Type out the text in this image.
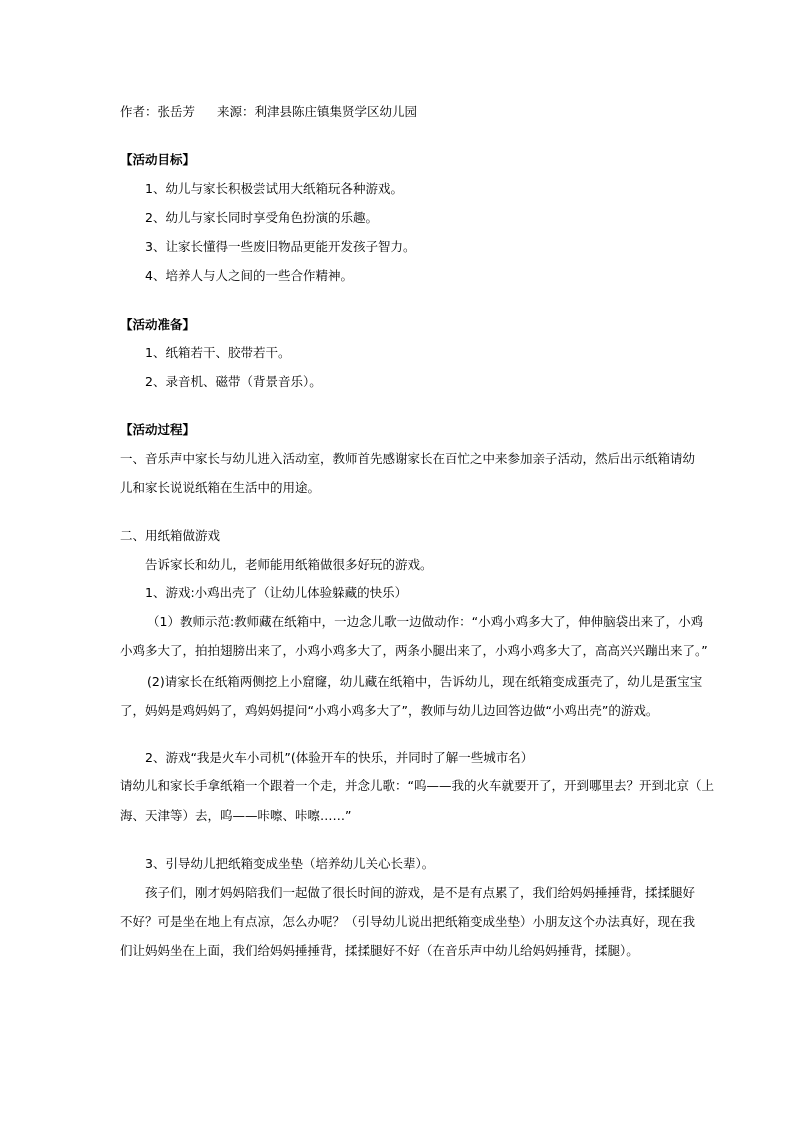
作者：张岳芳 来源：利津县陈庄镇集贤学区幼儿园
【活动目标】
1、幼儿与家长积极尝试用大纸箱玩各种游戏。
2、幼儿与家长同时享受角色扮演的乐趣。
3、让家长懂得一些废旧物品更能开发孩子智力。
4、培养人与人之间的一些合作精神。
【活动准备】
1、纸箱若干、胶带若干。
2、录音机、磁带（背景音乐）。
【活动过程】
一、音乐声中家长与幼儿进入活动室，教师首先感谢家长在百忙之中来参加亲子活动，然后出示纸箱请幼
儿和家长说说纸箱在生活中的用途。
二、用纸箱做游戏
告诉家长和幼儿，老师能用纸箱做很多好玩的游戏。
1、游戏:小鸡出壳了（让幼儿体验躲藏的快乐）
（1）教师示范:教师藏在纸箱中，一边念儿歌一边做动作：“小鸡小鸡多大了，伸伸脑袋出来了，小鸡
小鸡多大了，拍拍翅膀出来了，小鸡小鸡多大了，两条小腿出来了，小鸡小鸡多大了，高高兴兴蹦出来了。”
(2)请家长在纸箱两侧挖上小窟窿，幼儿藏在纸箱中，告诉幼儿，现在纸箱变成蛋壳了，幼儿是蛋宝宝
了，妈妈是鸡妈妈了，鸡妈妈提问“小鸡小鸡多大了”，教师与幼儿边回答边做“小鸡出壳”的游戏。
2、游戏“我是火车小司机”(体验开车的快乐，并同时了解一些城市名）
请幼儿和家长手拿纸箱一个跟着一个走，并念儿歌：“呜——我的火车就要开了，开到哪里去？开到北京（上
海、天津等）去，呜——咔嚓、咔嚓……”
3、引导幼儿把纸箱变成坐垫（培养幼儿关心长辈）。
孩子们，刚才妈妈陪我们一起做了很长时间的游戏，是不是有点累了，我们给妈妈捶捶背，揉揉腿好
不好？可是坐在地上有点凉，怎么办呢？（引导幼儿说出把纸箱变成坐垫）小朋友这个办法真好，现在我
们让妈妈坐在上面，我们给妈妈捶捶背，揉揉腿好不好（在音乐声中幼儿给妈妈捶背，揉腿）。
